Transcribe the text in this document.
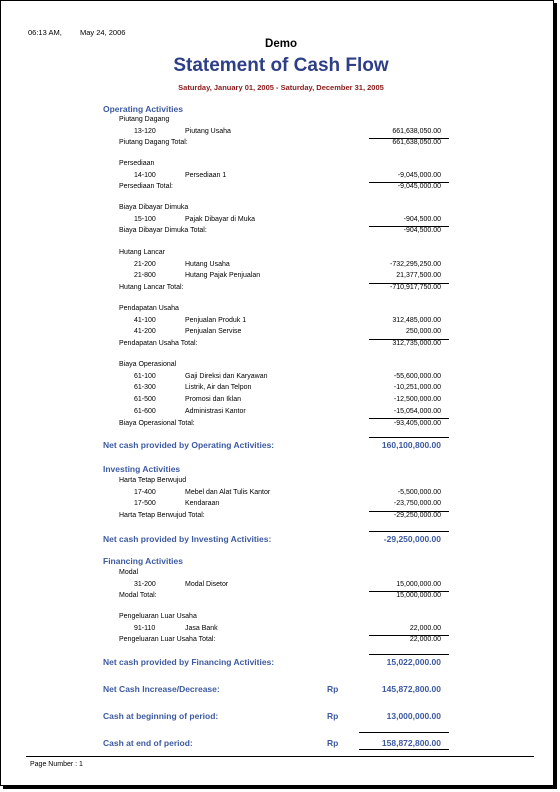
06:13 AM, May 24, 2006
Demo
Statement of Cash Flow
Saturday, January 01, 2005 - Saturday, December 31, 2005
Operating Activities
Piutang Dagang
13-120	Piutang Usaha	661,638,050.00
Piutang Dagang Total:	661,638,050.00
Persediaan
14-100	Persediaan 1	-9,045,000.00
Persediaan Total:	-9,045,000.00
Biaya Dibayar Dimuka
15-100	Pajak Dibayar di Muka	-904,500.00
Biaya Dibayar Dimuka Total:	-904,500.00
Hutang Lancar
21-200	Hutang Usaha	-732,295,250.00
21-800	Hutang Pajak Penjualan	21,377,500.00
Hutang Lancar Total:	-710,917,750.00
Pendapatan Usaha
41-100	Penjualan Produk 1	312,485,000.00
41-200	Penjualan Servise	250,000.00
Pendapatan Usaha Total:	312,735,000.00
Biaya Operasional
61-100	Gaji Direksi dan Karyawan	-55,600,000.00
61-300	Listrik, Air dan Telpon	-10,251,000.00
61-500	Promosi dan Iklan	-12,500,000.00
61-600	Administrasi Kantor	-15,054,000.00
Biaya Operasional Total:	-93,405,000.00
Net cash provided by Operating Activities:	160,100,800.00
Investing Activities
Harta Tetap Berwujud
17-400	Mebel dan Alat Tulis Kantor	-5,500,000.00
17-500	Kendaraan	-23,750,000.00
Harta Tetap Berwujud Total:	-29,250,000.00
Net cash provided by Investing Activities:	-29,250,000.00
Financing Activities
Modal
31-200	Modal Disetor	15,000,000.00
Modal Total:	15,000,000.00
Pengeluaran Luar Usaha
91-110	Jasa Bank	22,000.00
Pengeluaran Luar Usaha Total:	22,000.00
Net cash provided by Financing Activities:	15,022,000.00
Net Cash Increase/Decrease:	Rp	145,872,800.00
Cash at beginning of period:	Rp	13,000,000.00
Cash at end of period:	Rp	158,872,800.00
Page Number : 1
